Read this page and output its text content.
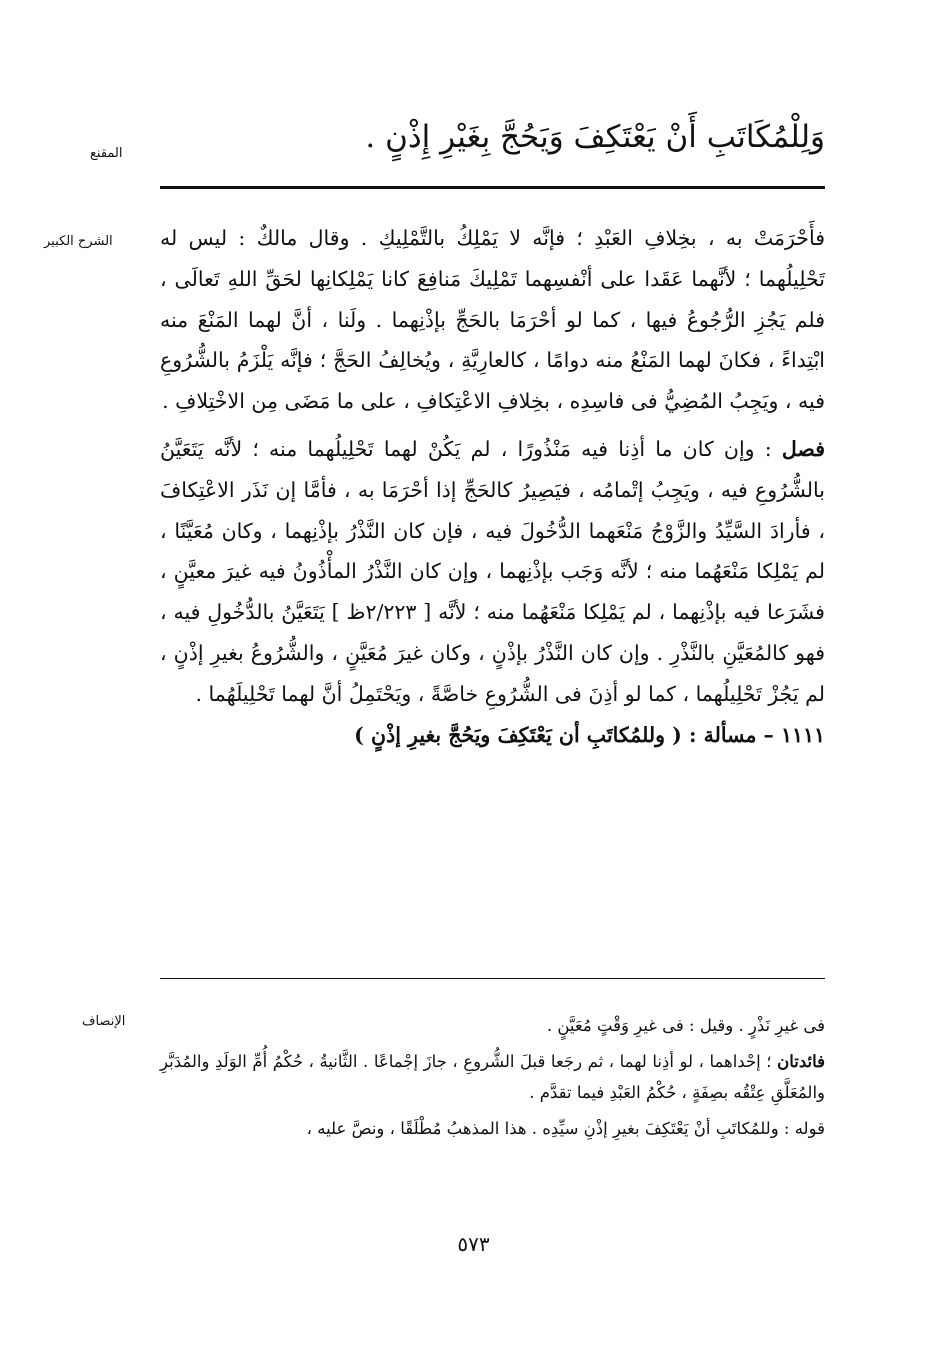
المقنع
الشرح الكبير
الإنصاف

وَلِلْمُكَاتَبِ أَنْ يَعْتَكِفَ وَيَحُجَّ بِغَيْرِ إِذْنٍ .

فأَحْرَمَتْ به ، بخِلافِ العَبْدِ ؛ فإنَّه لا يَمْلِكُ بالتَّمْلِيكِ . وقال مالكٌ : ليس له تَحْلِيلُهما ؛ لأنَّهما عَقَدا على أنْفسِهما تَمْلِيكَ مَنافِعَ كانا يَمْلِكانِها لحَقِّ اللهِ تَعالَى ، فلم يَجُزِ الرُّجُوعُ فيها ، كما لو أحْرَمَا بالحَجِّ بإذْنِهما . ولَنا ، أنَّ لهما المَنْعَ منه ابْتِداءً ، فكانَ لهما المَنْعُ منه دوامًا ، كالعارِيَّةِ ، ويُخالِفُ الحَجَّ ؛ فإنَّه يَلْزَمُ بالشُّرُوعِ فيه ، ويَجِبُ المُضِيُّ فى فاسِدِه ، بخِلافِ الاعْتِكافِ ، على ما مَضَى مِن الاخْتِلافِ .

فصل : وإن كان ما أذِنا فيه مَنْذُورًا ، لم يَكُنْ لهما تَحْلِيلُهما منه ؛ لأنَّه يَتَعَيَّنُ بالشُّرُوعِ فيه ، ويَجِبُ إتْمامُه ، فيَصِيرُ كالحَجِّ إذا أحْرَمَا به ، فأمَّا إن نَذَر الاعْتِكافَ ، فأرادَ السَّيِّدُ والزَّوْجُ مَنْعَهما الدُّخُولَ فيه ، فإن كان النَّذْرُ بإذْنِهما ، وكان مُعَيَّنًا ، لم يَمْلِكا مَنْعَهُما منه ؛ لأنَّه وَجَب بإذْنِهما ، وإن كان النَّذْرُ المأْذُونُ فيه غيرَ معيَّنٍ ، فشَرَعا فيه بإذْنِهما ، لم يَمْلِكا مَنْعَهُما منه ؛ لأنَّه [ ٢/٢٢٣ظ ] يَتَعَيَّنُ بالدُّخُولِ فيه ، فهو كالمُعَيَّنِ بالنَّذْرِ . وإن كان النَّذْرُ بإذْنٍ ، وكان غيرَ مُعَيَّنٍ ، والشُّرُوعُ بغيرِ إذْنٍ ، لم يَجُزْ تَحْلِيلُهما ، كما لو أذِنَ فى الشُّرُوعِ خاصَّةً ، ويَحْتَمِلُ أنَّ لهما تَحْلِيلَهُما .

١١١١ – مسألة : ( وللمُكاتَبِ أن يَعْتَكِفَ ويَحُجَّ بغيرِ إذْنٍ )

فى غيرِ نَذْرٍ . وقيل : فى غيرِ وَقْتٍ مُعَيَّنٍ .

فائدتان ؛ إحْداهما ، لو أذِنا لهما ، ثم رجَعا قبلَ الشُّروعِ ، جازَ إجْماعًا . الثَّانيةُ ، حُكْمُ أُمِّ الوَلَدِ والمُدَبَّرِ والمُعَلَّقِ عِتْقُه بصِفَةٍ ، حُكْمُ العَبْدِ فيما تقدَّم .

قوله : وللمُكاتَبِ أنْ يَعْتَكِفَ بغيرِ إذْنِ سيِّدِه . هذا المذهبُ مُطْلَقًا ، ونصَّ عليه ،

٥٧٣
